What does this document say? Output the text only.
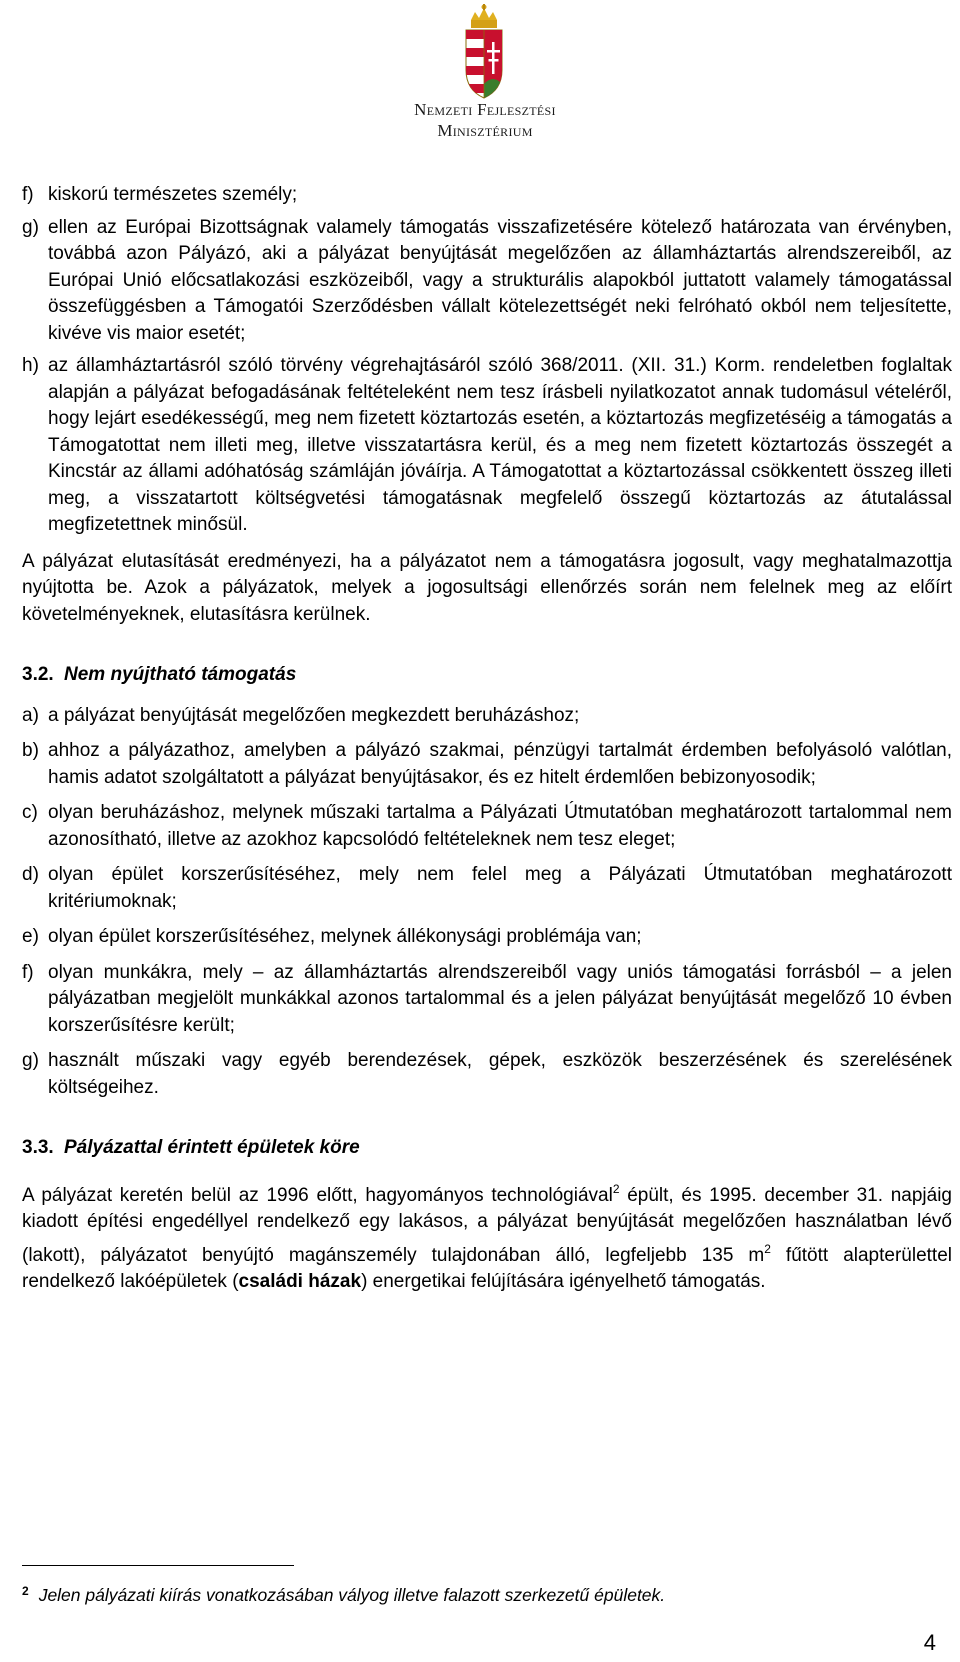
Nemzeti Fejlesztési
Minisztérium
f) kiskorú természetes személy;
g) ellen az Európai Bizottságnak valamely támogatás visszafizetésére kötelező határozata van érvényben, továbbá azon Pályázó, aki a pályázat benyújtását megelőzően az államháztartás alrendszereiből, az Európai Unió előcsatlakozási eszközeiből, vagy a strukturális alapokból juttatott valamely támogatással összefüggésben a Támogatói Szerződésben vállalt kötelezettségét neki felróható okból nem teljesítette, kivéve vis maior esetét;
h) az államháztartásról szóló törvény végrehajtásáról szóló 368/2011. (XII. 31.) Korm. rendeletben foglaltak alapján a pályázat befogadásának feltételeként nem tesz írásbeli nyilatkozatot annak tudomásul vételéről, hogy lejárt esedékességű, meg nem fizetett köztartozás esetén, a köztartozás megfizetéséig a támogatás a Támogatottat nem illeti meg, illetve visszatartásra kerül, és a meg nem fizetett köztartozás összegét a Kincstár az állami adóhatóság számláján jóváírja. A Támogatottat a köztartozással csökkentett összeg illeti meg, a visszatartott költségvetési támogatásnak megfelelő összegű köztartozás az átutalással megfizetettnek minősül.
A pályázat elutasítását eredményezi, ha a pályázatot nem a támogatásra jogosult, vagy meghatalmazottja nyújtotta be. Azok a pályázatok, melyek a jogosultsági ellenőrzés során nem felelnek meg az előírt követelményeknek, elutasításra kerülnek.
3.2. Nem nyújtható támogatás
a) a pályázat benyújtását megelőzően megkezdett beruházáshoz;
b) ahhoz a pályázathoz, amelyben a pályázó szakmai, pénzügyi tartalmát érdemben befolyásoló valótlan, hamis adatot szolgáltatott a pályázat benyújtásakor, és ez hitelt érdemlően bebizonyosodik;
c) olyan beruházáshoz, melynek műszaki tartalma a Pályázati Útmutatóban meghatározott tartalommal nem azonosítható, illetve az azokhoz kapcsolódó feltételeknek nem tesz eleget;
d) olyan épület korszerűsítéséhez, mely nem felel meg a Pályázati Útmutatóban meghatározott kritériumoknak;
e) olyan épület korszerűsítéséhez, melynek állékonysági problémája van;
f) olyan munkákra, mely – az államháztartás alrendszereiből vagy uniós támogatási forrásból – a jelen pályázatban megjelölt munkákkal azonos tartalommal és a jelen pályázat benyújtását megelőző 10 évben korszerűsítésre került;
g) használt műszaki vagy egyéb berendezések, gépek, eszközök beszerzésének és szerelésének költségeihez.
3.3. Pályázattal érintett épületek köre
A pályázat keretén belül az 1996 előtt, hagyományos technológiával$^2$ épült, és 1995. december 31. napjáig kiadott építési engedéllyel rendelkező egy lakásos, a pályázat benyújtását megelőzően használatban lévő (lakott), pályázatot benyújtó magánszemély tulajdonában álló, legfeljebb 135 m$^2$ fűtött alapterülettel rendelkező lakóépületek (családi házak) energetikai felújítására igényelhető támogatás.
$^2$ Jelen pályázati kiírás vonatkozásában vályog illetve falazott szerkezetű épületek.
4
